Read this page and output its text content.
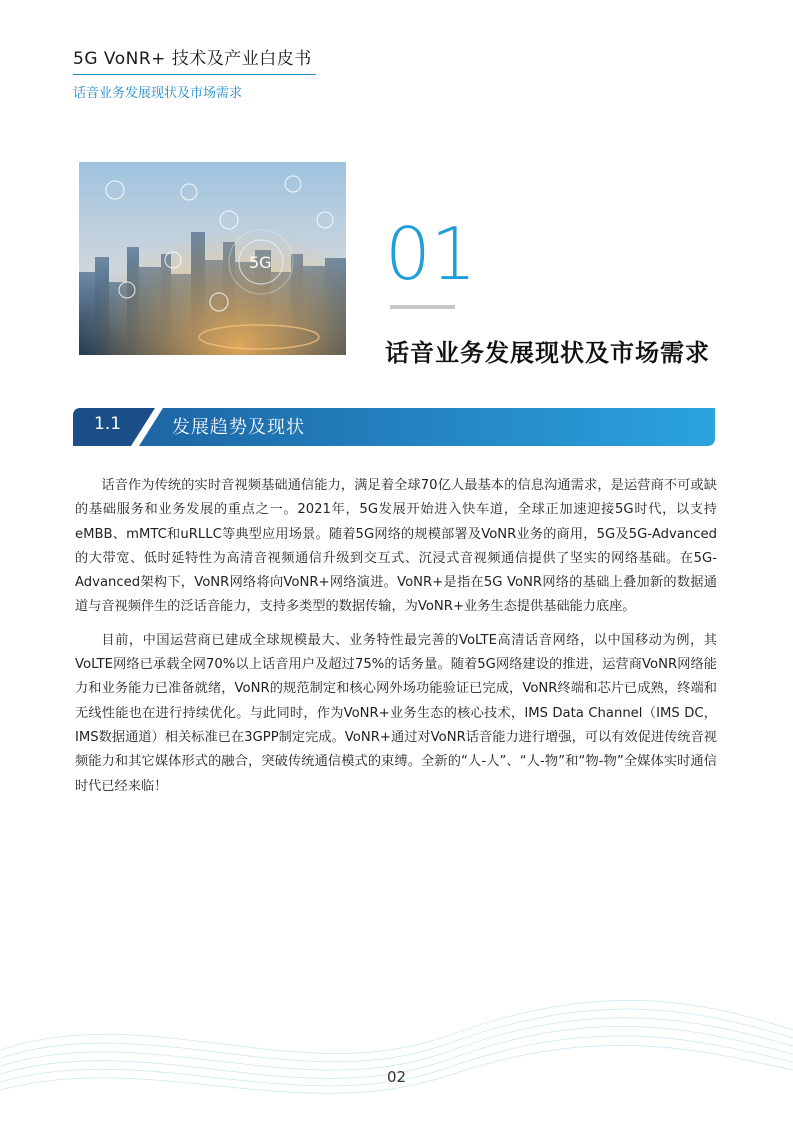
5G VoNR+ 技术及产业白皮书
话音业务发展现状及市场需求
5G 01
话音业务发展现状及市场需求
1.1	发展趋势及现状

话音作为传统的实时音视频基础通信能力，满足着全球70亿人最基本的信息沟通需求，是运营商不可或缺的基础服务和业务发展的重点之一。2021年，5G发展开始进入快车道，全球正加速迎接5G时代，以支持eMBB、mMTC和uRLLC等典型应用场景。随着5G网络的规模部署及VoNR业务的商用，5G及5G-Advanced的大带宽、低时延特性为高清音视频通信升级到交互式、沉浸式音视频通信提供了坚实的网络基础。在5G-Advanced架构下，VoNR网络将向VoNR+网络演进。VoNR+是指在5G VoNR网络的基础上叠加新的数据通道与音视频伴生的泛话音能力，支持多类型的数据传输，为VoNR+业务生态提供基础能力底座。

目前，中国运营商已建成全球规模最大、业务特性最完善的VoLTE高清话音网络，以中国移动为例，其VoLTE网络已承载全网70%以上话音用户及超过75%的话务量。随着5G网络建设的推进，运营商VoNR网络能力和业务能力已准备就绪，VoNR的规范制定和核心网外场功能验证已完成，VoNR终端和芯片已成熟，终端和无线性能也在进行持续优化。与此同时，作为VoNR+业务生态的核心技术，IMS Data Channel（IMS DC，IMS数据通道）相关标准已在3GPP制定完成。VoNR+通过对VoNR话音能力进行增强，可以有效促进传统音视频能力和其它媒体形式的融合，突破传统通信模式的束缚。全新的“人-人”、“人-物”和“物-物”全媒体实时通信时代已经来临！

02
